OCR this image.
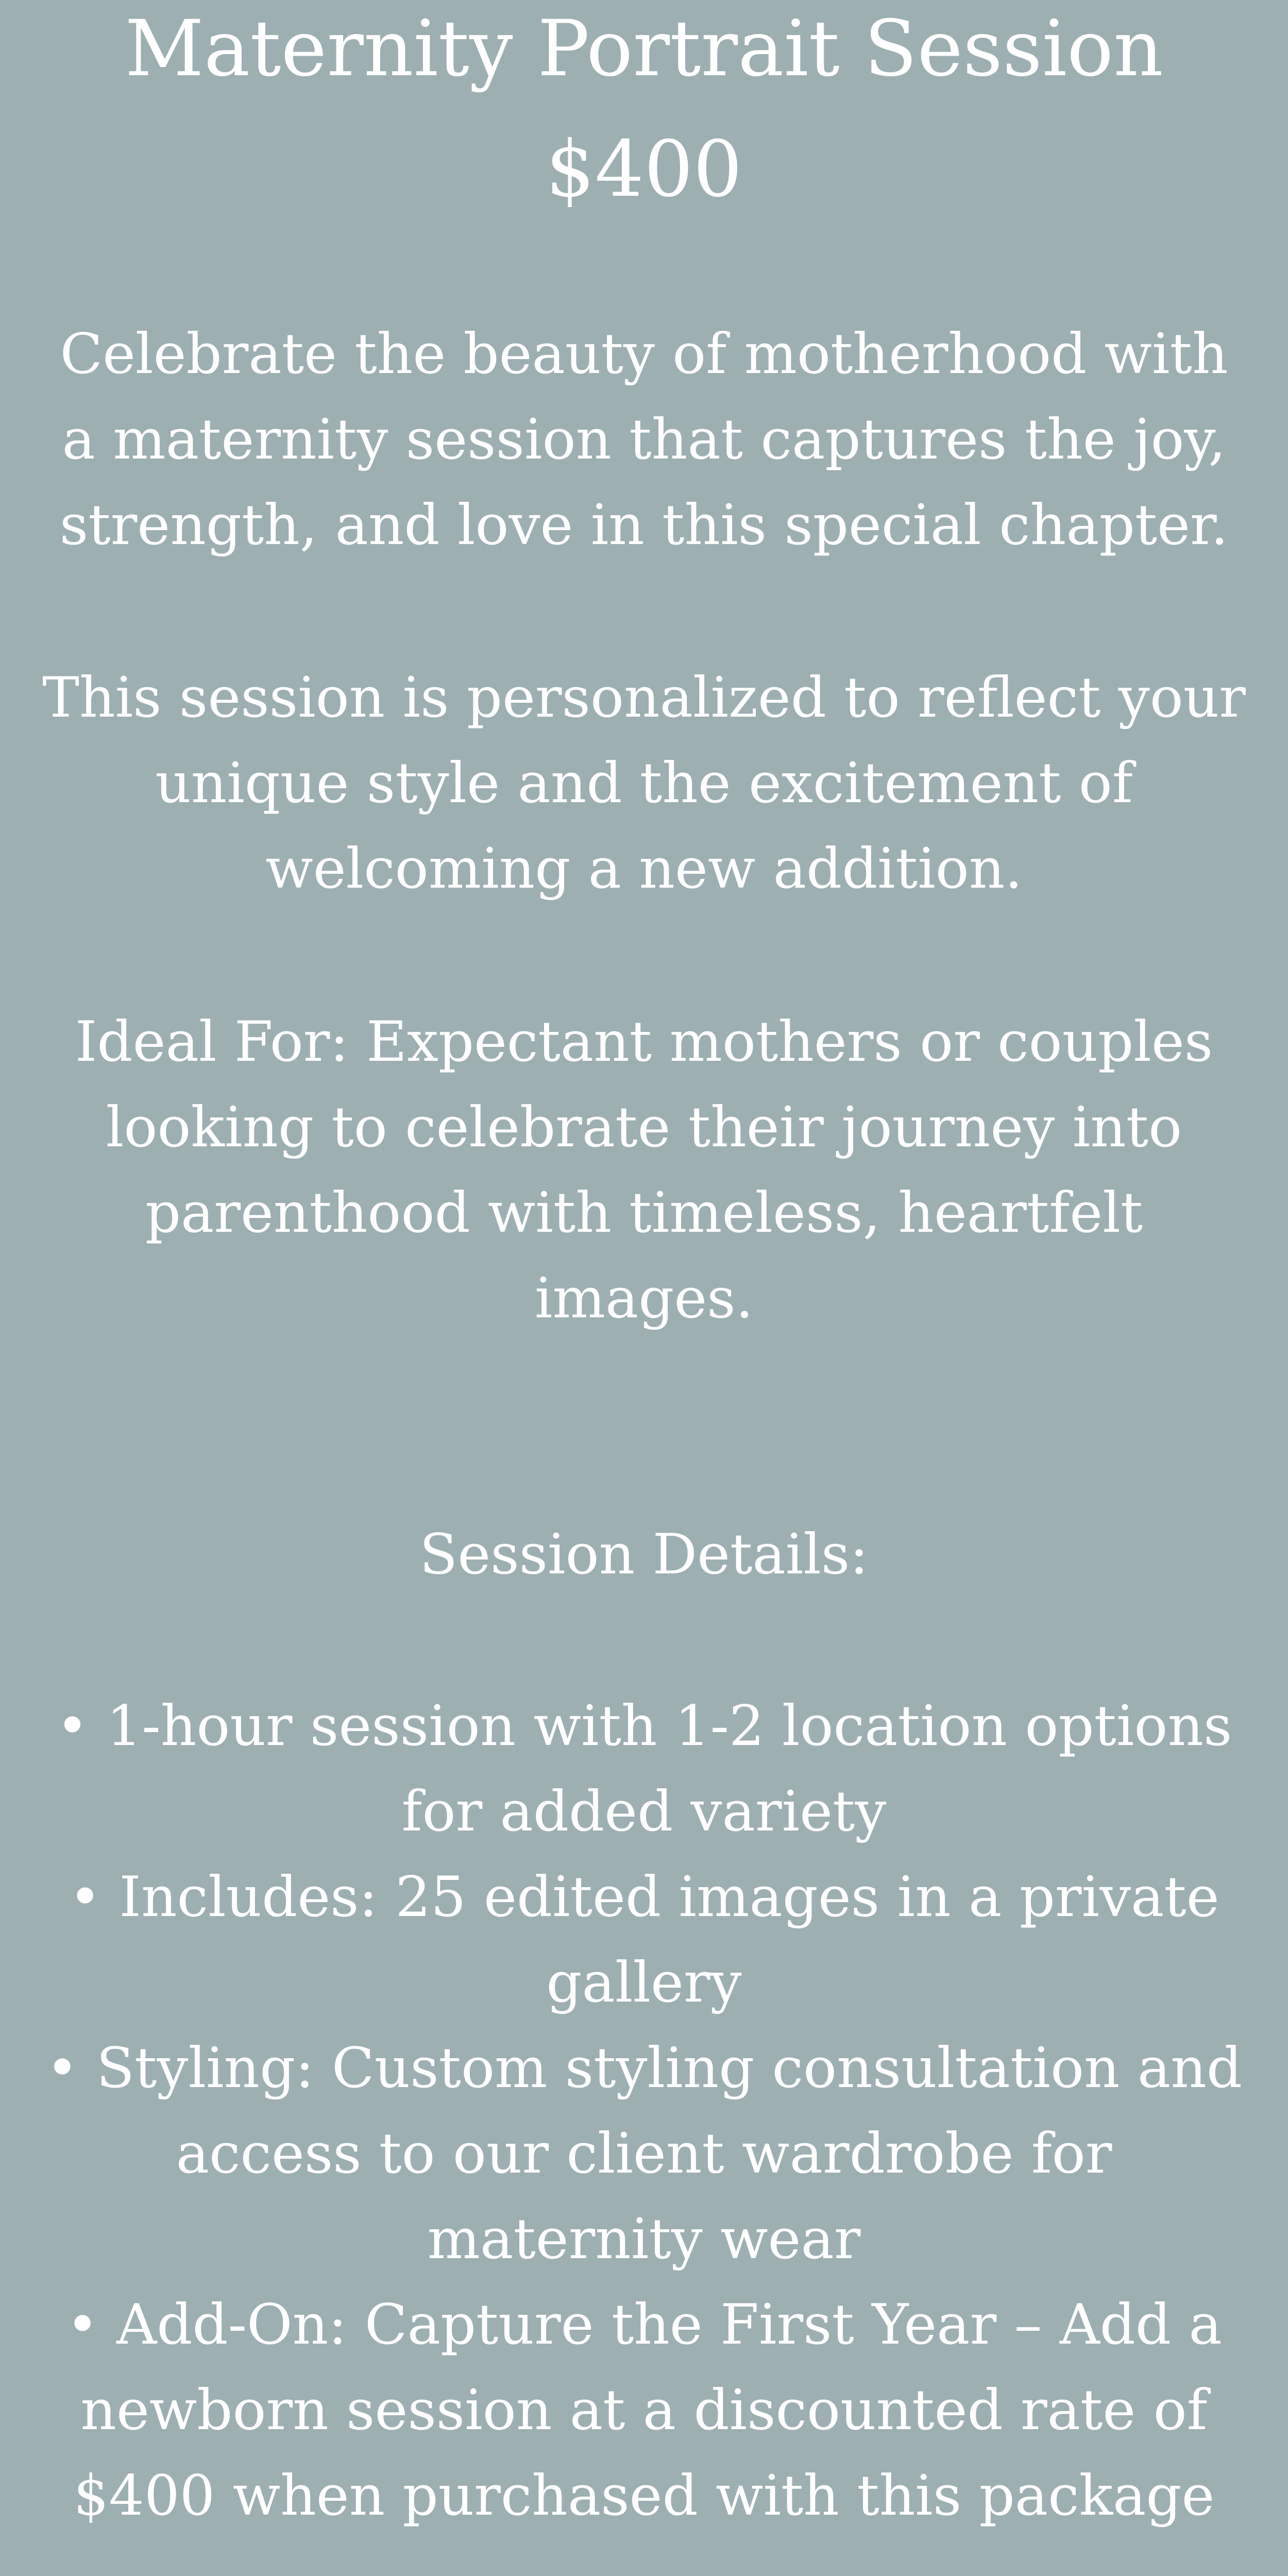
Maternity Portrait Session
$400
Celebrate the beauty of motherhood with
a maternity session that captures the joy,
strength, and love in this special chapter.
This session is personalized to reflect your
unique style and the excitement of
welcoming a new addition.
Ideal For: Expectant mothers or couples
looking to celebrate their journey into
parenthood with timeless, heartfelt
images.
Session Details:
• 1-hour session with 1-2 location options
for added variety
• Includes: 25 edited images in a private
gallery
• Styling: Custom styling consultation and
access to our client wardrobe for
maternity wear
• Add-On: Capture the First Year – Add a
newborn session at a discounted rate of
$400 when purchased with this package
